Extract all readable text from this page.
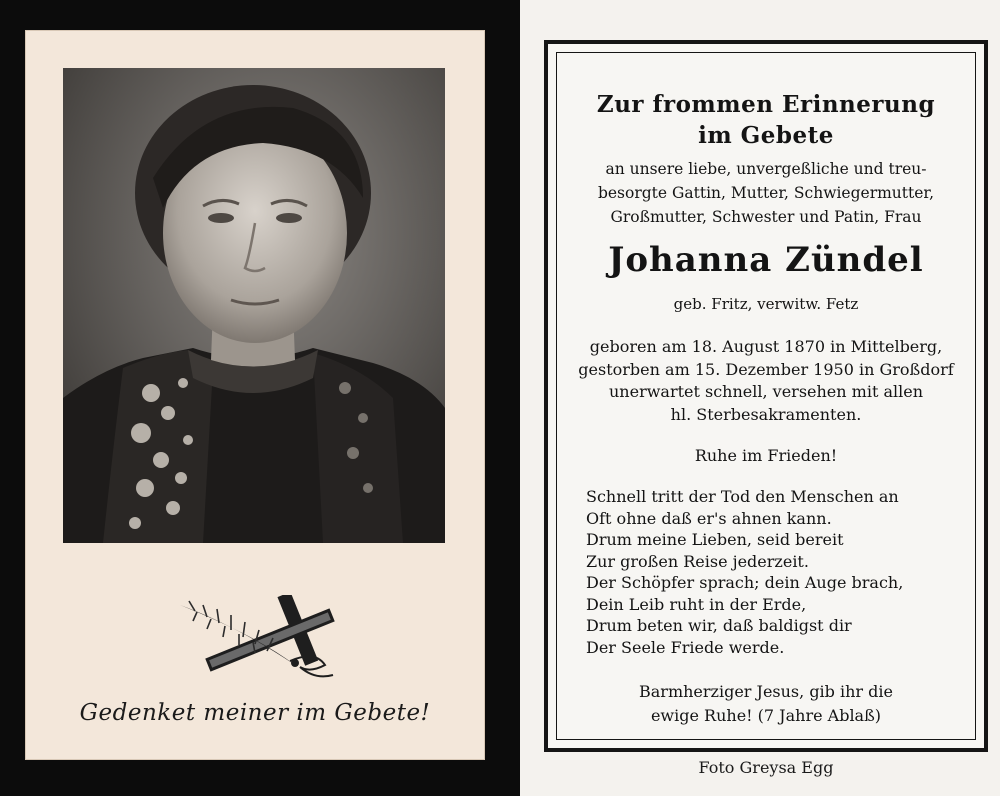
Gedenket meiner im Gebete!
Zur frommen Erinnerung
im Gebete
an unsere liebe, unvergeßliche und treu-
besorgte Gattin, Mutter, Schwiegermutter,
Großmutter, Schwester und Patin, Frau
Johanna Zündel
geb. Fritz, verwitw. Fetz
geboren am 18. August 1870 in Mittelberg,
gestorben am 15. Dezember 1950 in Großdorf
unerwartet schnell, versehen mit allen
hl. Sterbesakramenten.
Ruhe im Frieden!
Schnell tritt der Tod den Menschen an
Oft ohne daß er's ahnen kann.
Drum meine Lieben, seid bereit
Zur großen Reise jederzeit.
Der Schöpfer sprach; dein Auge brach,
Dein Leib ruht in der Erde,
Drum beten wir, daß baldigst dir
Der Seele Friede werde.
Barmherziger Jesus, gib ihr die
ewige Ruhe! (7 Jahre Ablaß)
Foto Greysa Egg
